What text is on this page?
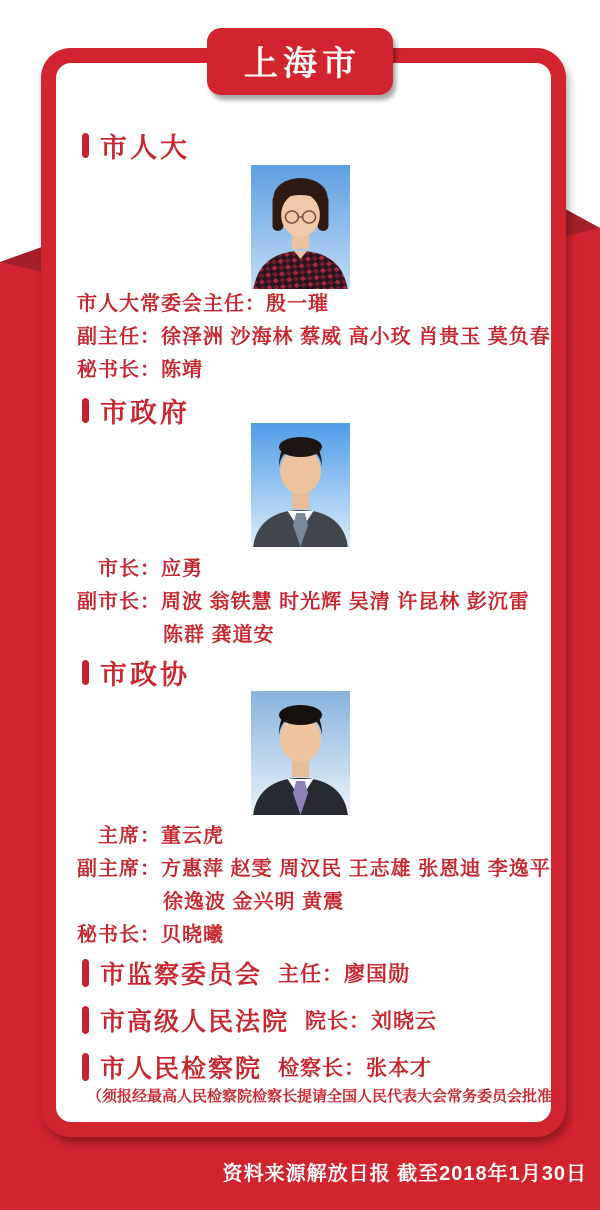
市人大
市人大常委会主任：殷一璀
副主任：徐泽洲 沙海林 蔡威 高小玫 肖贵玉 莫负春
秘书长：陈靖
市政府
市长：应勇
副市长：周波 翁铁慧 时光辉 吴清 许昆林 彭沉雷
陈群 龚道安
市政协
主席：董云虎
副主席：方惠萍 赵雯 周汉民 王志雄 张恩迪 李逸平
徐逸波 金兴明 黄震
秘书长：贝晓曦
市监察委员会 主任：廖国勋
市高级人民法院 院长：刘晓云
市人民检察院 检察长：张本才
（须报经最高人民检察院检察长提请全国人民代表大会常务委员会批准）
上海市
资料来源解放日报 截至2018年1月30日
